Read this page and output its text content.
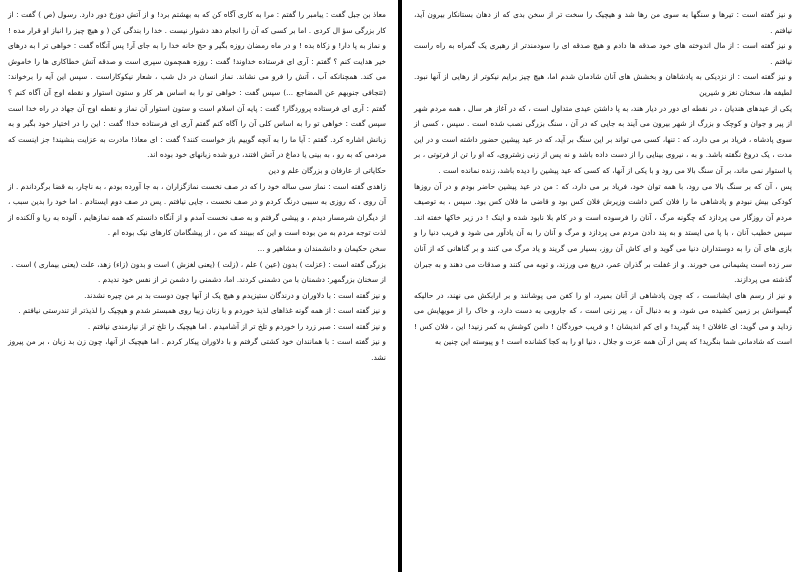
معاذ بن جبل گفت : یبامبر را گفتم : مرا به کاری آگاه کن که به بهشتم برد! و از آتش دوزخ دور دارد. رسول (ص ) گفت : از کار بزرگی سؤ ال کردی . اما بر کسی که آن را انجام دهد دشوار نیست . خدا را بندگی کن ( و هیچ چیز را انباز او قرار مده ! و نماز به پا دار! و زکاة بده ! و در ماه رمضان روزه بگیر و حج خانه خدا را به جای آر! پس آنگاه گفت : خواهی تر ا به درهای خیر هدایت کنم ؟ گفتم : آری ای فرستاده خداوند! گفت : روزه همچمون سپری است و صدقه آتش خطاکاری ها را خاموش می کند. همچنانکه آب ، آتش را فرو می نشاند. نماز انسان در دل شب ، شعار نیکوکاراست . سپس این آیه را برخواند: (تتجافی جنوبهم عن المضاجع ...) سپس گفت : خواهی تو را به اساس هر کار و ستون استوار و نقطه اوج آن آگاه کنم ؟ گفتم : آری ای فرستاده پروردگار! گفت : پایه آن اسلام است و ستون استوار آن نماز و نقطه اوج آن جهاد در راه خدا است سپس گفت : خواهی تو را به اساس کلی آن را آگاه کنم گفتم آری ای فرستاده خدا! گفت : این را در اختیار خود بگیر و به زبانش اشاره کرد. گفتم : آیا ما را به آنچه گوییم باز خواست کنند؟ گفت : ای معاذ! مادرت به عزایت بنشیند! جز اینست که مردمی که به رو ، به بینی یا دماغ در آتش افتند، درو شده زبانهای خود بوده اند.

حکایاتی از عارفان و بزرگان علم و دین

زاهدی گفته است : نماز سی ساله خود را که در صف نخست نمازگزاران ، به جا آورده بودم ، به ناچار، به قضا برگرداندم . از آن روی ، که روزی به سببی درنگ کردم و در صف نخست ، جایی نیافتم . پس در صف دوم ایستادم . اما خود را بدین سبب ، از دیگران شرمسار دیدم ، و پیشی گرفتم و به صف نخست آمدم و از آنگاه دانستم که همه نمازهایم ، آلوده به ریا و آلکنده از لذت توجه مردم به من بوده است و این که ببینند که من ، از پیشگامان کارهای نیک بوده ام .

سخن حکیمان و دانشمندان و مشاهیر و ...

بزرگی گفته است : (عزلت ) بدون (عین ) علم ، (زلت ) (یعنی لغزش ) است و بدون (زاء) زهد، علت (یعنی بیماری ) است .

از سخنان بزرگمهر: دشمنان با من دشمنی کردند. اما، دشمنی را دشمن تر از نفس خود ندیدم .

و نیز گفته است : با دلاوران و درندگان ستیزیدم و هیچ یک از آنها چون دوست بد بر من چیره نشدند.

و نیز گفته است : از همه گونه غذاهای لذیذ خوردم و با زنان زیبا روی همبستر شدم و هیچیک را لذیذتر از تندرستی نیافتم .

و نیز گفته است : صبر زرد را خوردم و تلخ تر از آشامیدم . اما هیچیک را تلخ تر از نیازمندی نیافتم .

و نیز گفته است : با همانندان خود کشتی گرفتم و با دلاوران پیکار کردم . اما هیچیک از آنها، چون زن بد زبان ، بر من پیروز نشد.

و نیز گفته است : تیرها و سنگها به سوی من رها شد و هیچیک را سخت تر از سخن بدی که از دهان بستانکار بیرون آید، نیافتم .

و نیز گفته است : از مال اندوخته های خود صدقه ها دادم و هیچ صدقه ای را سودمندتر از رهبری یک گمراه به راه راست نیافتم .

و نیز گفته است : از نزدیکی به پادشاهان و بخشش های آنان شادمان شدم اما، هیچ چیز برایم نیکوتر از رهایی از آنها نبود. لطیفه ها، سخنان نغز و شیرین

یکی از عیدهای هندیان ، در نقطه ای دور در دیار هند، به پا داشتن عیدی متداول است ، که در آغاز هر سال ، همه مردم شهر از پیر و جوان و کوچک و بزرگ از شهر بیرون می آیند به جایی که در آن ، سنگ بزرگی نصب شده است . سپس ، کسی از سوی پادشاه ، فریاد بر می دارد، که : تنها، کسی می تواند بر این سنگ بر آید، که در عید پیشین حضور داشته است و در این مدت ، یک دروغ نگفته باشد. و به ، نیروی بینایی را از دست داده باشد و نه پس از زنی زشتروی، که او را تن از فرتوتی ، بر پا استوار نمی ماند، بر آن سنگ بالا می رود و با یکی از آنها، که کسی که عید پیشین را دیده باشد، زنده نمانده است .

پس ، آن که بر سنگ بالا می رود، با همه توان خود، فریاد بر می دارد، که : من در عید پیشین حاضر بودم و در آن روزها کودکی بیش نبودم و پادشاهی ما را فلان کس داشت وزیرش فلان کس بود و قاضی ما فلان کس بود. سپس ، به توصیف مردم آن روزگار می پردازد که چگونه مرگ ، آنان را فرسوده است و در کام بلا نابود شده و اینک ! در زیر خاکها خفته اند. سپس خطیب آنان ، با پا می ایستد و به پند دادن مردم می پردازد و مرگ و آنان را به آن یادآور می شود و فریب دنیا را و بازی های آن را به دوستداران دنیا می گوید و ای کاش آن روز، بسیار می گریند و یاد مرگ می کنند و بر گناهانی که از آنان سر زده است پشیمانی می خورند. و از غفلت بر گذران عمر، دریغ می ورزند، و توبه می کنند و صدقات می دهند و به جبران گذشته می پردازند.

و نیز از رسم های ایشانست ، که چون پادشاهی از آنان بمیرد، او را کفن می پوشانند و بر ارابکش می نهند، در حالیکه گیسوانش بر زمین کشیده می شود، و به دنبال آن ، پیر زنی است ، که جاروبی به دست دارد، و خاک را از مویهایش می زداید و می گوید: ای غافلان ! پند گیرید! و ای کم اندیشان ! و فریب خوردگان ! دامن کوشش به کمر زنید! این ، فلان کس ! است که شادمانی شما بنگرید! که پس از آن همه عزت و جلال ، دنیا او را به کجا کشانده است ! و پیوسته این چنین به
